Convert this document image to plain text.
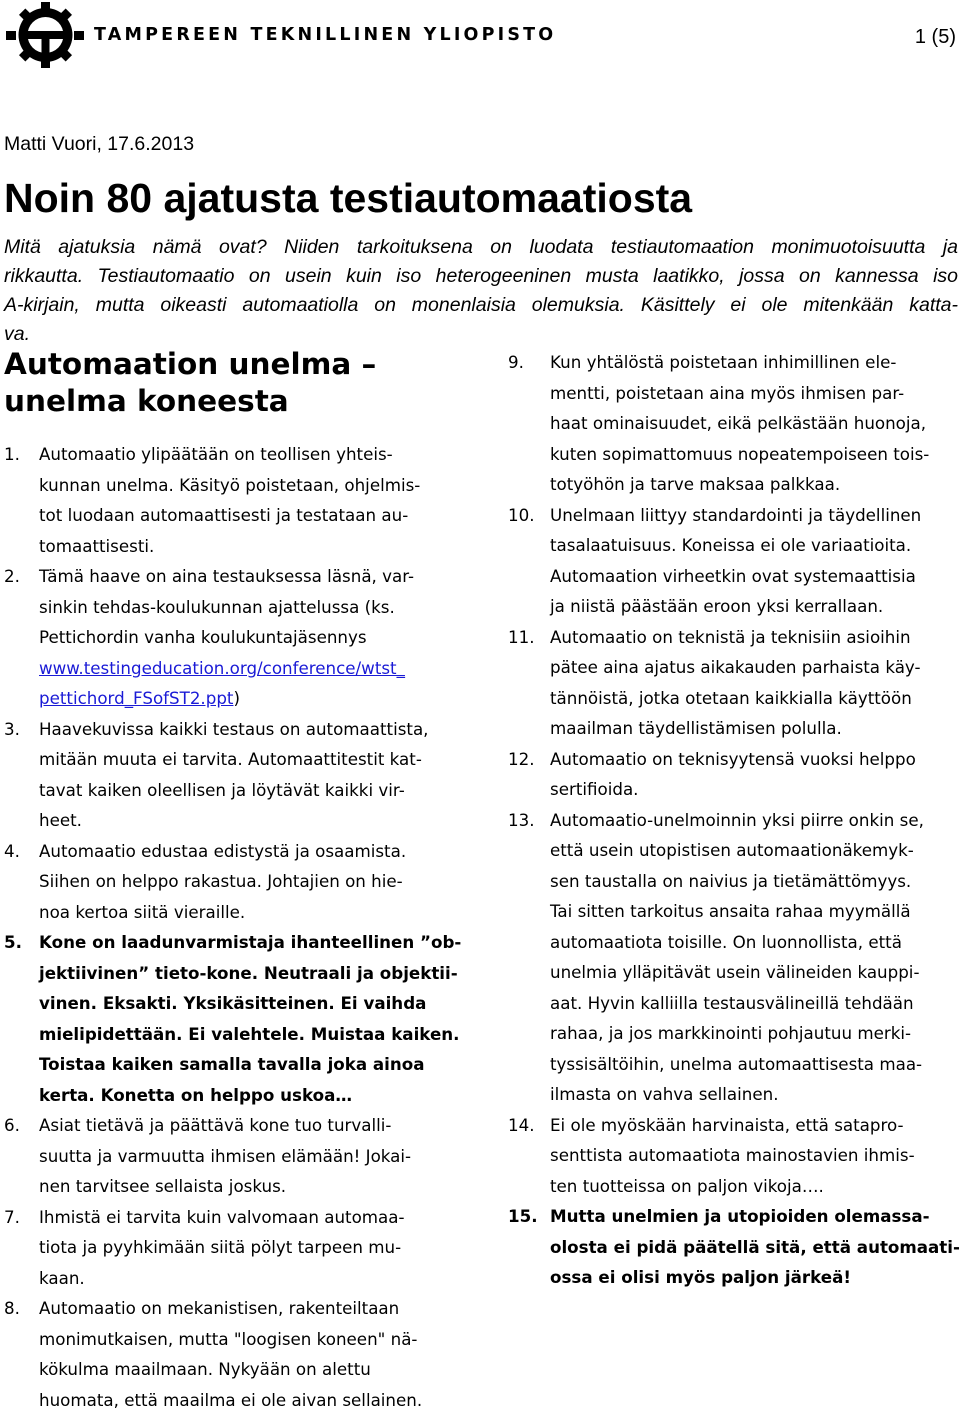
TAMPEREEN TEKNILLINEN YLIOPISTO	1 (5)

Matti Vuori, 17.6.2013

Noin 80 ajatusta testiautomaatiosta

Mitä ajatuksia nämä ovat? Niiden tarkoituksena on luodata testiautomaation monimuotoisuutta ja
rikkautta. Testiautomaatio on usein kuin iso heterogeeninen musta laatikko, jossa on kannessa iso
A-kirjain, mutta oikeasti automaatiolla on monenlaisia olemuksia. Käsittely ei ole mitenkään katta-
va.

Automaation unelma –
unelma koneesta
1. Automaatio ylipäätään on teollisen yhteis-
kunnan unelma. Käsityö poistetaan, ohjelmis-
tot luodaan automaattisesti ja testataan au-
tomaattisesti.
2. Tämä haave on aina testauksessa läsnä, var-
sinkin tehdas-koulukunnan ajattelussa (ks.
Pettichordin vanha koulukuntajäsennys
www.testingeducation.org/conference/wtst_
pettichord_FSofST2.ppt)
3. Haavekuvissa kaikki testaus on automaattista,
mitään muuta ei tarvita. Automaattitestit kat-
tavat kaiken oleellisen ja löytävät kaikki vir-
heet.
4. Automaatio edustaa edistystä ja osaamista.
Siihen on helppo rakastua. Johtajien on hie-
noa kertoa siitä vieraille.
5. Kone on laadunvarmistaja ihanteellinen ”ob-
jektiivinen” tieto-kone. Neutraali ja objektii-
vinen. Eksakti. Yksikäsitteinen. Ei vaihda
mielipidettään. Ei valehtele. Muistaa kaiken.
Toistaa kaiken samalla tavalla joka ainoa
kerta. Konetta on helppo uskoa…
6. Asiat tietävä ja päättävä kone tuo turvalli-
suutta ja varmuutta ihmisen elämään! Jokai-
nen tarvitsee sellaista joskus.
7. Ihmistä ei tarvita kuin valvomaan automaa-
tiota ja pyyhkimään siitä pölyt tarpeen mu-
kaan.
8. Automaatio on mekanistisen, rakenteiltaan
monimutkaisen, mutta "loogisen koneen" nä-
kökulma maailmaan. Nykyään on alettu
huomata, että maailma ei ole aivan sellainen.
9. Kun yhtälöstä poistetaan inhimillinen ele-
mentti, poistetaan aina myös ihmisen par-
haat ominaisuudet, eikä pelkästään huonoja,
kuten sopimattomuus nopeatempoiseen tois-
totyöhön ja tarve maksaa palkkaa.
10. Unelmaan liittyy standardointi ja täydellinen
tasalaatuisuus. Koneissa ei ole variaatioita.
Automaation virheetkin ovat systemaattisia
ja niistä päästään eroon yksi kerrallaan.
11. Automaatio on teknistä ja teknisiin asioihin
pätee aina ajatus aikakauden parhaista käy-
tännöistä, jotka otetaan kaikkialla käyttöön
maailman täydellistämisen polulla.
12. Automaatio on teknisyytensä vuoksi helppo
sertifioida.
13. Automaatio-unelmoinnin yksi piirre onkin se,
että usein utopistisen automaationäkemyk-
sen taustalla on naivius ja tietämättömyys.
Tai sitten tarkoitus ansaita rahaa myymällä
automaatiota toisille. On luonnollista, että
unelmia ylläpitävät usein välineiden kauppi-
aat. Hyvin kalliilla testausvälineillä tehdään
rahaa, ja jos markkinointi pohjautuu merki-
tyssisältöihin, unelma automaattisesta maa-
ilmasta on vahva sellainen.
14. Ei ole myöskään harvinaista, että satapro-
senttista automaatiota mainostavien ihmis-
ten tuotteissa on paljon vikoja….
15. Mutta unelmien ja utopioiden olemassa-
olosta ei pidä päätellä sitä, että automaati-
ossa ei olisi myös paljon järkeä!
